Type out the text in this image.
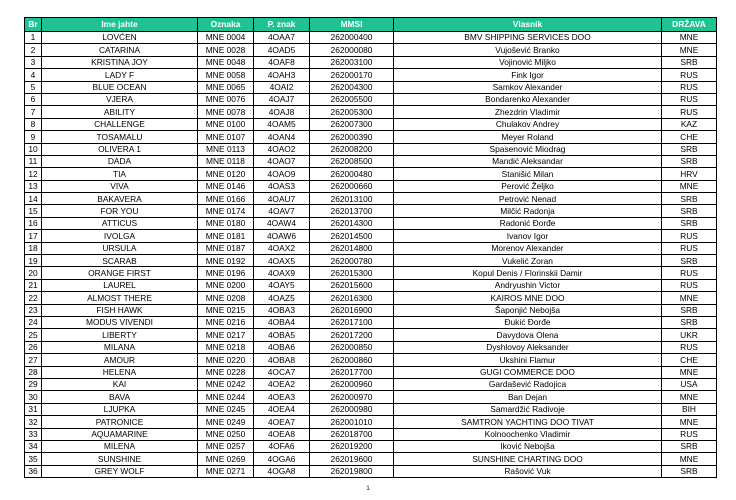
Br	Ime jahte	Oznaka	P. znak	MMSI	Vlasnik	DRŽAVA
1	LOVĆEN	MNE 0004	4OAA7	262000400	BMV SHIPPING SERVICES DOO	MNE
2	CATARINA	MNE 0028	4OAD5	262000080	Vujošević Branko	MNE
3	KRISTINA JOY	MNE 0048	4OAF8	262003100	Vojinović Miljko	SRB
4	LADY F	MNE 0058	4OAH3	262000170	Fink Igor	RUS
5	BLUE OCEAN	MNE 0065	4OAI2	262004300	Samkov Alexander	RUS
6	VJERA	MNE 0076	4OAJ7	262005500	Bondarenko Alexander	RUS
7	ABILITY	MNE 0078	4OAJ8	262005300	Zhezdrin Vladimir	RUS
8	CHALLENGE	MNE 0100	4OAM5	262007300	Chulakov Andrey	KAZ
9	TOSAMALU	MNE 0107	4OAN4	262000390	Meyer Roland	CHE
10	OLIVERA 1	MNE 0113	4OAO2	262008200	Spasenović Miodrag	SRB
11	DADA	MNE 0118	4OAO7	262008500	Mandić Aleksandar	SRB
12	TIA	MNE 0120	4OAO9	262000480	Stanišić Milan	HRV
13	VIVA	MNE 0146	4OAS3	262000660	Perović Željko	MNE
14	BAKAVERA	MNE 0166	4OAU7	262013100	Petrović Nenad	SRB
15	FOR YOU	MNE 0174	4OAV7	262013700	Milčić Radonja	SRB
16	ATTICUS	MNE 0180	4OAW4	262014300	Radonić Đorđe	SRB
17	IVOLGA	MNE 0181	4OAW6	262014500	Ivanov Igor	RUS
18	URSULA	MNE 0187	4OAX2	262014800	Morenov Alexander	RUS
19	SCARAB	MNE 0192	4OAX5	262000780	Vukelić Zoran	SRB
20	ORANGE FIRST	MNE 0196	4OAX9	262015300	Kopul Denis / Florinskii Damir	RUS
21	LAUREL	MNE 0200	4OAY5	262015600	Andryushin Victor	RUS
22	ALMOST THERE	MNE 0208	4OAZ5	262016300	KAIROS MNE DOO	MNE
23	FISH HAWK	MNE 0215	4OBA3	262016900	Šaponjić Nebojša	SRB
24	MODUS VIVENDI	MNE 0216	4OBA4	262017100	Đukić Đorđe	SRB
25	LIBERTY	MNE 0217	4OBA5	262017200	Davydova Olena	UKR
26	MILANA	MNE 0218	4OBA6	262000850	Dyshlovoy Aleksander	RUS
27	AMOUR	MNE 0220	4OBA8	262000860	Ukshini Flamur	CHE
28	HELENA	MNE 0228	4OCA7	262017700	GUGI COMMERCE DOO	MNE
29	KAI	MNE 0242	4OEA2	262000960	Gardašević Radojica	USA
30	BAVA	MNE 0244	4OEA3	262000970	Ban Dejan	MNE
31	LJUPKA	MNE 0245	4OEA4	262000980	Samardžić Radivoje	BIH
32	PATRONICE	MNE 0249	4OEA7	262001010	SAMTRON YACHTING DOO TIVAT	MNE
33	AQUAMARINE	MNE 0250	4OEA8	262018700	Kolnoochenko Vladimir	RUS
34	MILENA	MNE 0257	4OFA6	262019200	Iković Nebojša	SRB
35	SUNSHINE	MNE 0269	4OGA6	262019600	SUNSHINE CHARTING DOO	MNE
36	GREY WOLF	MNE 0271	4OGA8	262019800	Rašović Vuk	SRB
1
